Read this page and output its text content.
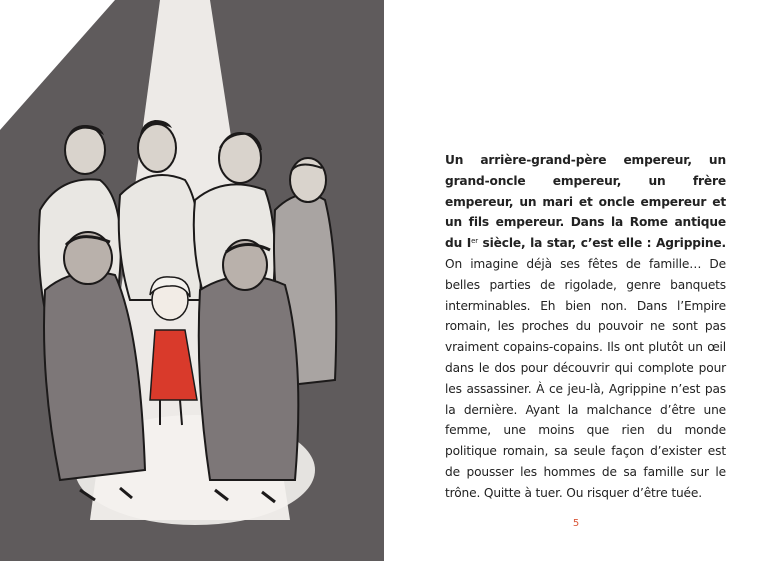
Un arrière-grand-père empereur, un grand-oncle empereur, un frère empereur, un mari et oncle empereur et un fils empereur. Dans la Rome antique du Ier siècle, la star, c’est elle : Agrippine. On imagine déjà ses fêtes de famille… De belles parties de rigolade, genre banquets interminables. Eh bien non. Dans l’Empire romain, les proches du pouvoir ne sont pas vraiment copains-copains. Ils ont plutôt un œil dans le dos pour découvrir qui complote pour les assassiner. À ce jeu-là, Agrippine n’est pas la dernière. Ayant la malchance d’être une femme, une moins que rien du monde politique romain, sa seule façon d’exister est de pousser les hommes de sa famille sur le trône. Quitte à tuer. Ou risquer d’être tuée.
5
